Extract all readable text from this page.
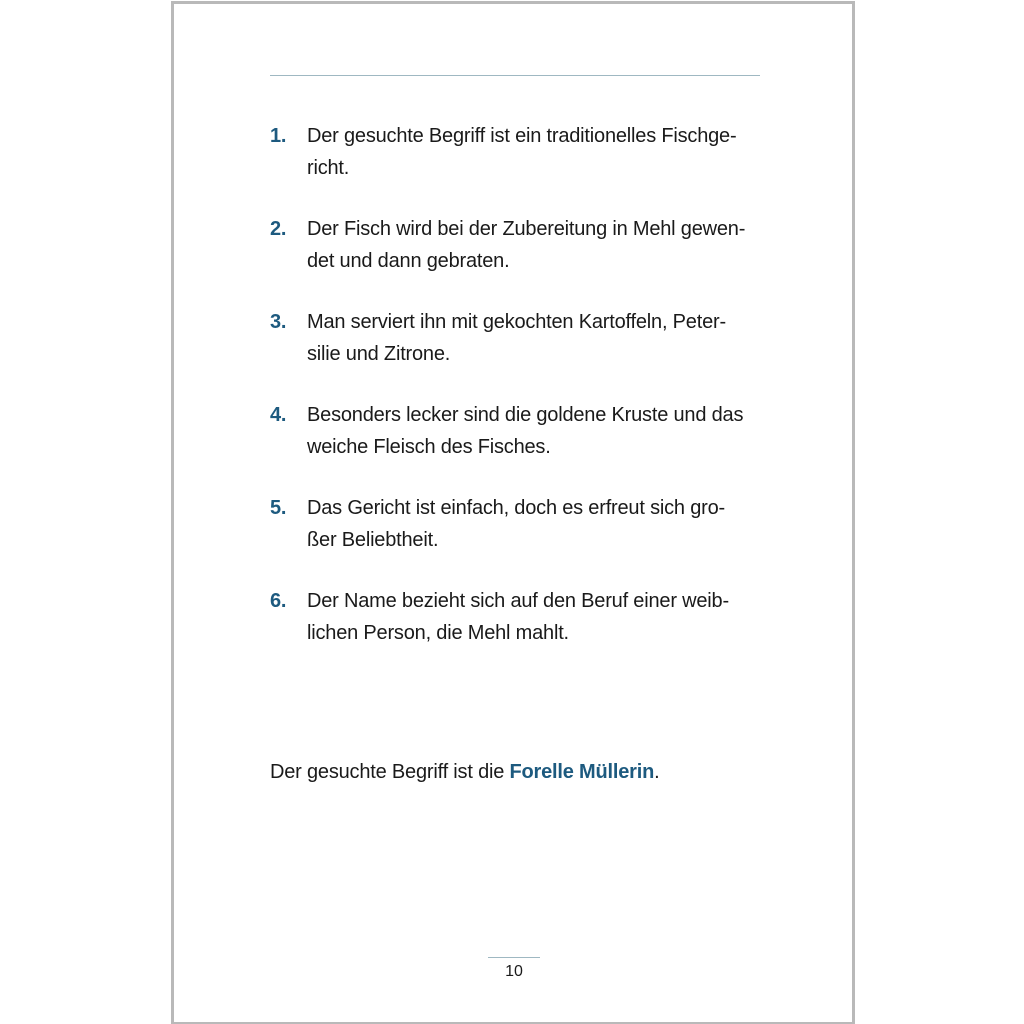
1. Der gesuchte Begriff ist ein traditionelles Fischge-
richt.
2. Der Fisch wird bei der Zubereitung in Mehl gewen-
det und dann gebraten.
3. Man serviert ihn mit gekochten Kartoffeln, Peter-
silie und Zitrone.
4. Besonders lecker sind die goldene Kruste und das
weiche Fleisch des Fisches.
5. Das Gericht ist einfach, doch es erfreut sich gro-
ßer Beliebtheit.
6. Der Name bezieht sich auf den Beruf einer weib-
lichen Person, die Mehl mahlt.

Der gesuchte Begriff ist die Forelle Müllerin.

10
